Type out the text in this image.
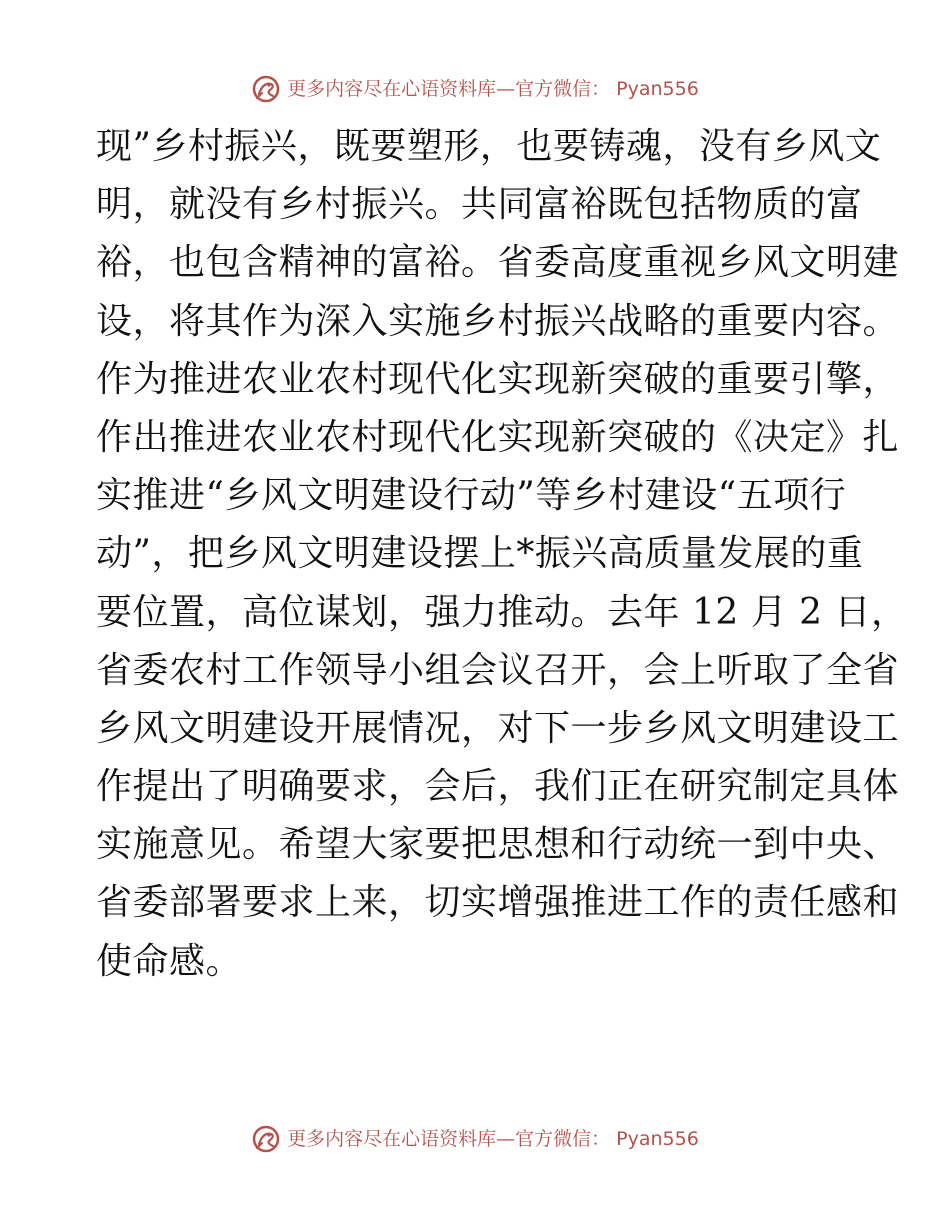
更多内容尽在心语资料库—官方微信： Pyan556
现”乡村振兴，既要塑形，也要铸魂，没有乡风文
明，就没有乡村振兴。共同富裕既包括物质的富
裕，也包含精神的富裕。省委高度重视乡风文明建
设，将其作为深入实施乡村振兴战略的重要内容。
作为推进农业农村现代化实现新突破的重要引擎，
作出推进农业农村现代化实现新突破的《决定》扎
实推进“乡风文明建设行动”等乡村建设“五项行
动”，把乡风文明建设摆上*振兴高质量发展的重
要位置，高位谋划，强力推动。去年 12 月 2 日，
省委农村工作领导小组会议召开，会上听取了全省
乡风文明建设开展情况，对下一步乡风文明建设工
作提出了明确要求，会后，我们正在研究制定具体
实施意见。希望大家要把思想和行动统一到中央、
省委部署要求上来，切实增强推进工作的责任感和
使命感。
更多内容尽在心语资料库—官方微信： Pyan556
